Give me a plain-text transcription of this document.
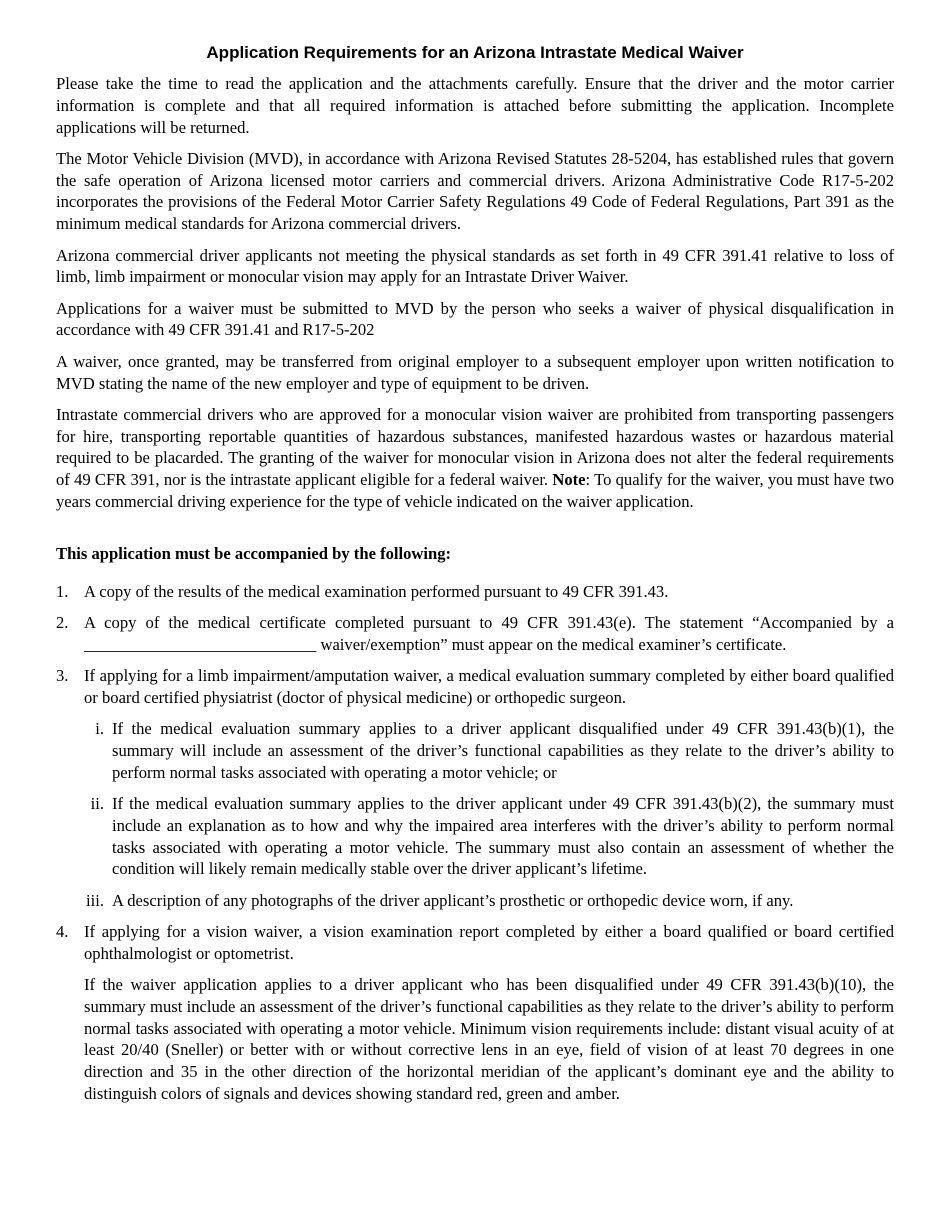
Application Requirements for an Arizona Intrastate Medical Waiver

Please take the time to read the application and the attachments carefully. Ensure that the driver and the motor carrier information is complete and that all required information is attached before submitting the application. Incomplete applications will be returned.

The Motor Vehicle Division (MVD), in accordance with Arizona Revised Statutes 28-5204, has established rules that govern the safe operation of Arizona licensed motor carriers and commercial drivers. Arizona Administrative Code R17-5-202 incorporates the provisions of the Federal Motor Carrier Safety Regulations 49 Code of Federal Regulations, Part 391 as the minimum medical standards for Arizona commercial drivers.

Arizona commercial driver applicants not meeting the physical standards as set forth in 49 CFR 391.41 relative to loss of limb, limb impairment or monocular vision may apply for an Intrastate Driver Waiver.

Applications for a waiver must be submitted to MVD by the person who seeks a waiver of physical disqualification in accordance with 49 CFR 391.41 and R17-5-202

A waiver, once granted, may be transferred from original employer to a subsequent employer upon written notification to MVD stating the name of the new employer and type of equipment to be driven.

Intrastate commercial drivers who are approved for a monocular vision waiver are prohibited from transporting passengers for hire, transporting reportable quantities of hazardous substances, manifested hazardous wastes or hazardous material required to be placarded. The granting of the waiver for monocular vision in Arizona does not alter the federal requirements of 49 CFR 391, nor is the intrastate applicant eligible for a federal waiver. Note: To qualify for the waiver, you must have two years commercial driving experience for the type of vehicle indicated on the waiver application.

This application must be accompanied by the following:
1. A copy of the results of the medical examination performed pursuant to 49 CFR 391.43.
2. A copy of the medical certificate completed pursuant to 49 CFR 391.43(e). The statement “Accompanied by a ____________________________ waiver/exemption” must appear on the medical examiner’s certificate.
3. If applying for a limb impairment/amputation waiver, a medical evaluation summary completed by either board qualified or board certified physiatrist (doctor of physical medicine) or orthopedic surgeon.
i. If the medical evaluation summary applies to a driver applicant disqualified under 49 CFR 391.43(b)(1), the summary will include an assessment of the driver’s functional capabilities as they relate to the driver’s ability to perform normal tasks associated with operating a motor vehicle; or
ii. If the medical evaluation summary applies to the driver applicant under 49 CFR 391.43(b)(2), the summary must include an explanation as to how and why the impaired area interferes with the driver’s ability to perform normal tasks associated with operating a motor vehicle. The summary must also contain an assessment of whether the condition will likely remain medically stable over the driver applicant’s lifetime.
iii. A description of any photographs of the driver applicant’s prosthetic or orthopedic device worn, if any.
4. If applying for a vision waiver, a vision examination report completed by either a board qualified or board certified ophthalmologist or optometrist.

If the waiver application applies to a driver applicant who has been disqualified under 49 CFR 391.43(b)(10), the summary must include an assessment of the driver’s functional capabilities as they relate to the driver’s ability to perform normal tasks associated with operating a motor vehicle. Minimum vision requirements include: distant visual acuity of at least 20/40 (Sneller) or better with or without corrective lens in an eye, field of vision of at least 70 degrees in one direction and 35 in the other direction of the horizontal meridian of the applicant’s dominant eye and the ability to distinguish colors of signals and devices showing standard red, green and amber.
